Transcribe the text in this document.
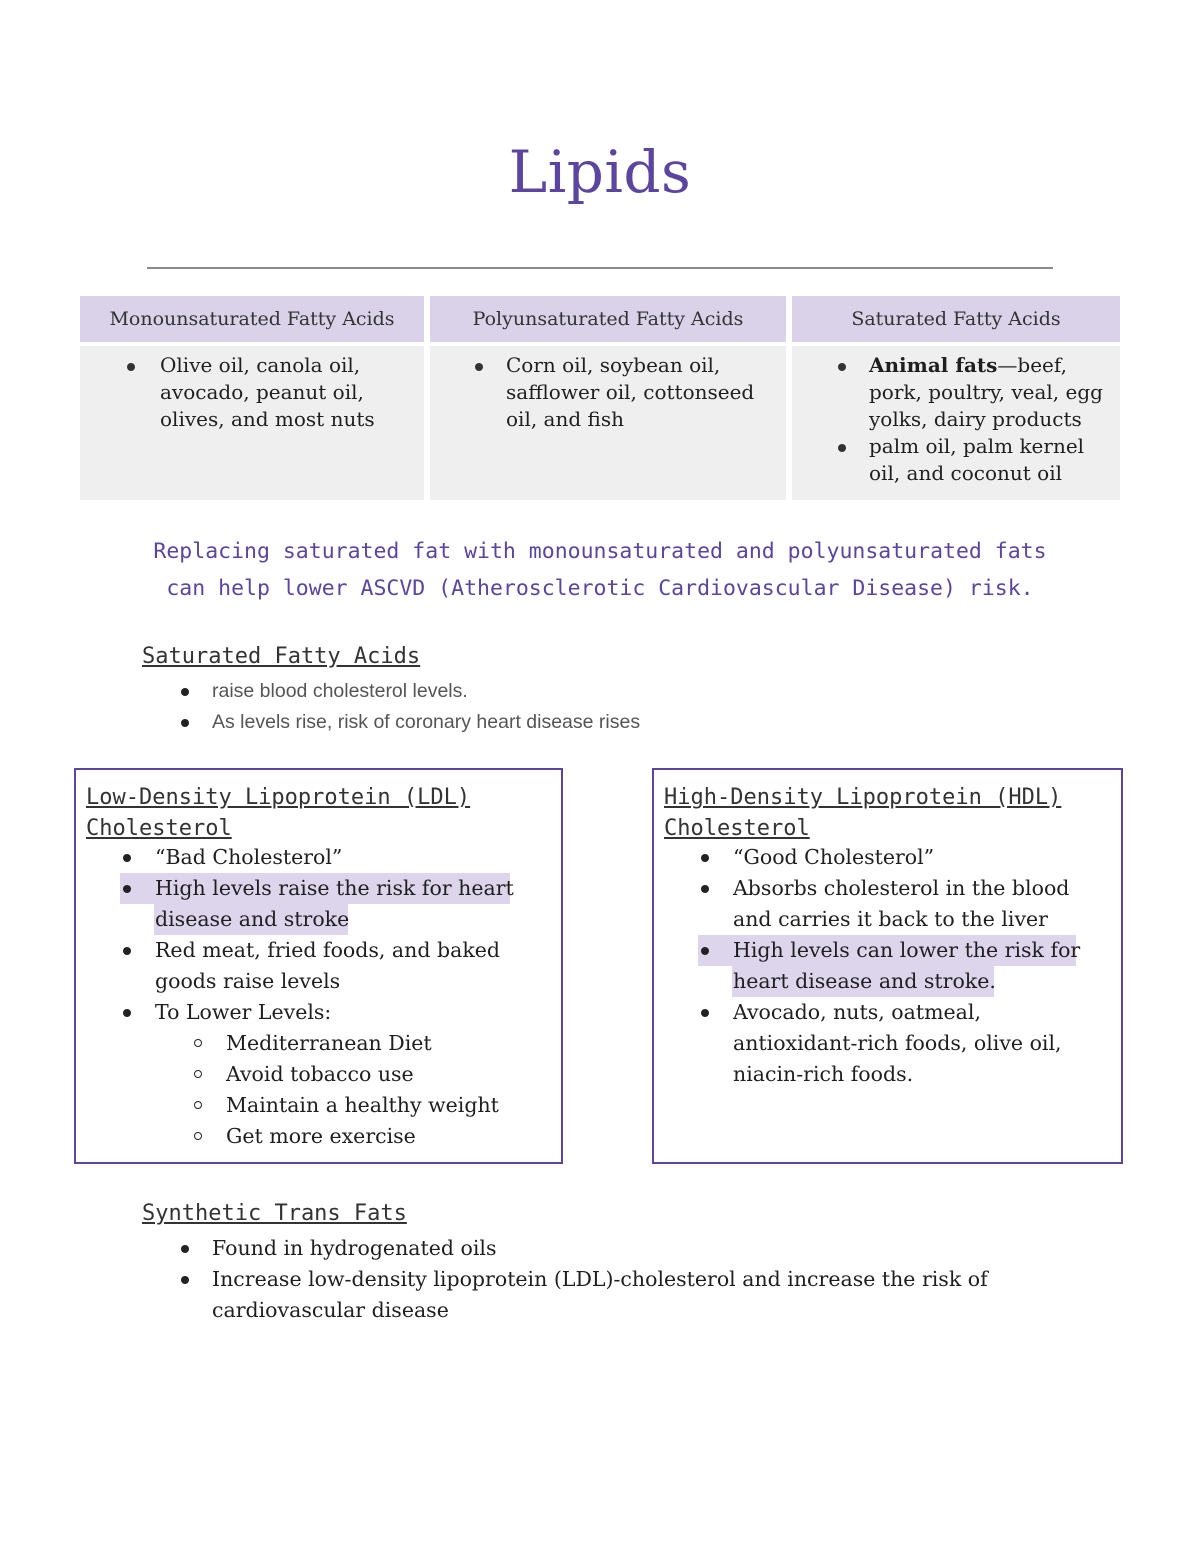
Lipids
Monounsaturated Fatty Acids
Olive oil, canola oil, avocado, peanut oil, olives, and most nuts
Polyunsaturated Fatty Acids
Corn oil, soybean oil, safflower oil, cottonseed oil, and fish
Saturated Fatty Acids
Animal fats—beef, pork, poultry, veal, egg yolks, dairy products
palm oil, palm kernel oil, and coconut oil
Replacing saturated fat with monounsaturated and polyunsaturated fats
can help lower ASCVD (Atherosclerotic Cardiovascular Disease) risk.
Saturated Fatty Acids
raise blood cholesterol levels.
As levels rise, risk of coronary heart disease rises
Low-Density Lipoprotein (LDL)
Cholesterol
“Bad Cholesterol”
High levels raise the risk for heart
disease and stroke
Red meat, fried foods, and baked
goods raise levels
To Lower Levels:
Mediterranean Diet
Avoid tobacco use
Maintain a healthy weight
Get more exercise
High-Density Lipoprotein (HDL)
Cholesterol
“Good Cholesterol”
Absorbs cholesterol in the blood
and carries it back to the liver
High levels can lower the risk for
heart disease and stroke.
Avocado, nuts, oatmeal,
antioxidant-rich foods, olive oil,
niacin-rich foods.
Synthetic Trans Fats
Found in hydrogenated oils
Increase low-density lipoprotein (LDL)-cholesterol and increase the risk of
cardiovascular disease
